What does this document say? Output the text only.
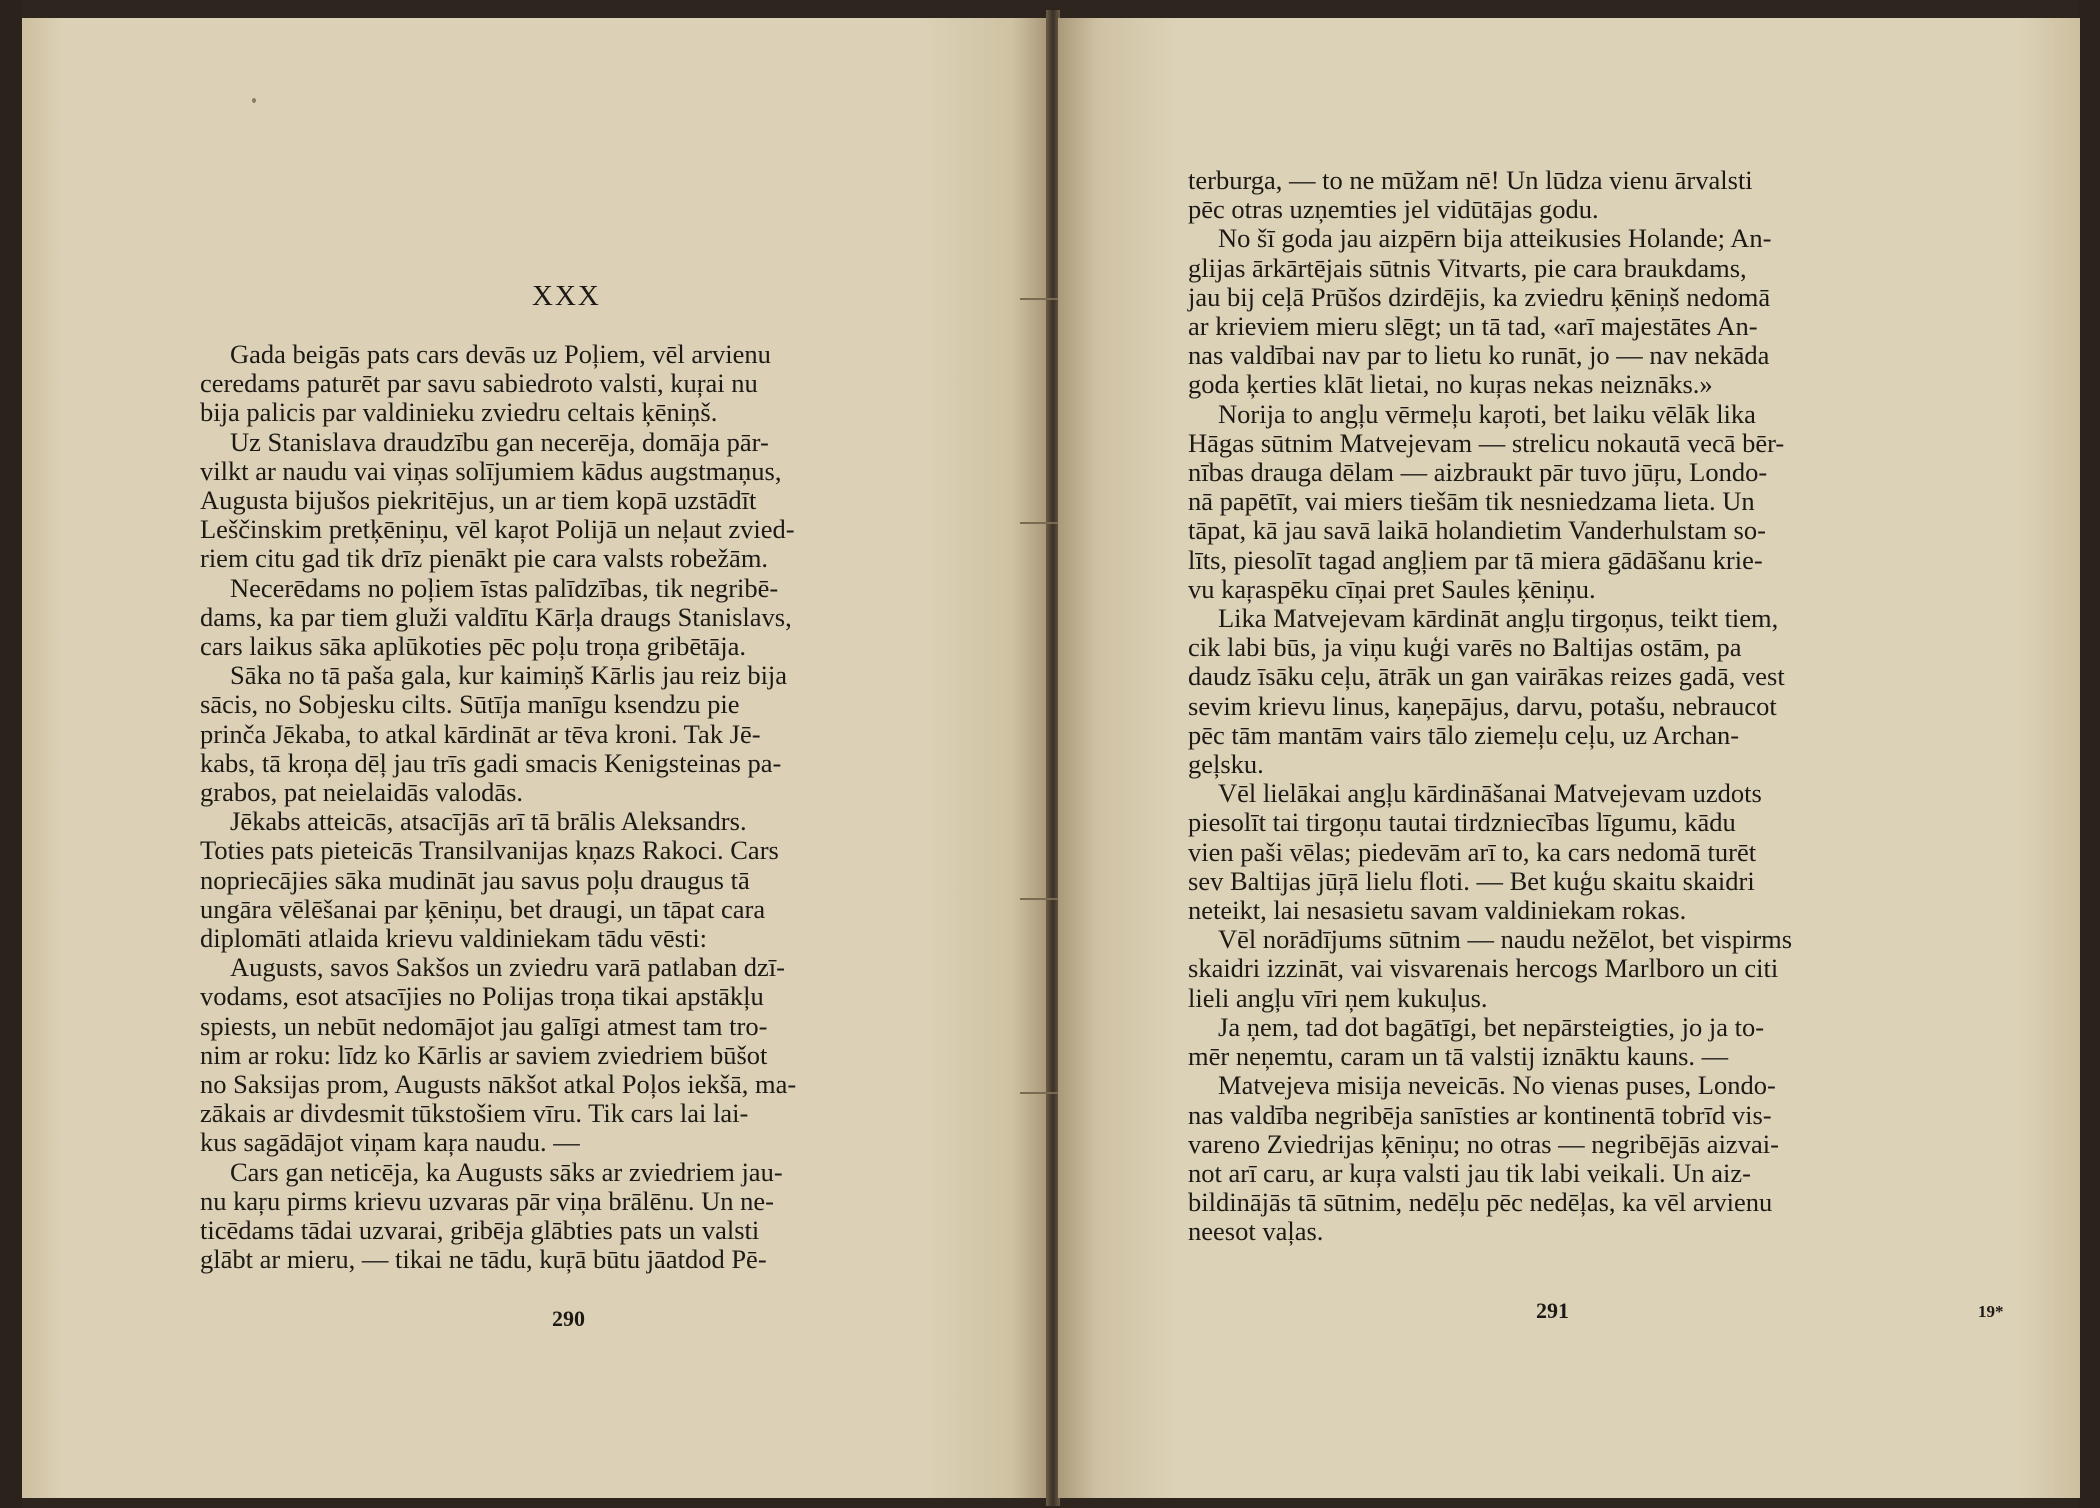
XXX

Gada beigās pats cars devās uz Poļiem, vēl arvienu
ceredams paturēt par savu sabiedroto valsti, kuŗai nu
bija palicis par valdinieku zviedru celtais ķēniņš.

Uz Stanislava draudzību gan necerēja, domāja pār-
vilkt ar naudu vai viņas solījumiem kādus augstmaņus,
Augusta bijušos piekritējus, un ar tiem kopā uzstādīt
Leščinskim pretķēniņu, vēl kaŗot Polijā un neļaut zvied-
riem citu gad tik drīz pienākt pie cara valsts robežām.

Necerēdams no poļiem īstas palīdzības, tik negribē-
dams, ka par tiem gluži valdītu Kārļa draugs Stanislavs,
cars laikus sāka aplūkoties pēc poļu troņa gribētāja.

Sāka no tā paša gala, kur kaimiņš Kārlis jau reiz bija
sācis, no Sobjesku cilts. Sūtīja manīgu ksendzu pie
prinča Jēkaba, to atkal kārdināt ar tēva kroni. Tak Jē-
kabs, tā kroņa dēļ jau trīs gadi smacis Kenigsteinas pa-
grabos, pat neielaidās valodās.

Jēkabs atteicās, atsacījās arī tā brālis Aleksandrs.
Toties pats pieteicās Transilvanijas kņazs Rakoci. Cars
nopriecājies sāka mudināt jau savus poļu draugus tā
ungāra vēlēšanai par ķēniņu, bet draugi, un tāpat cara
diplomāti atlaida krievu valdiniekam tādu vēsti:

Augusts, savos Sakšos un zviedru varā patlaban dzī-
vodams, esot atsacījies no Polijas troņa tikai apstākļu
spiests, un nebūt nedomājot jau galīgi atmest tam tro-
nim ar roku: līdz ko Kārlis ar saviem zviedriem būšot
no Saksijas prom, Augusts nākšot atkal Poļos iekšā, ma-
zākais ar divdesmit tūkstošiem vīru. Tik cars lai lai-
kus sagādājot viņam kaŗa naudu. —

Cars gan neticēja, ka Augusts sāks ar zviedriem jau-
nu kaŗu pirms krievu uzvaras pār viņa brālēnu. Un ne-
ticēdams tādai uzvarai, gribēja glābties pats un valsti
glābt ar mieru, — tikai ne tādu, kuŗā būtu jāatdod Pē-

290

terburga, — to ne mūžam nē! Un lūdza vienu ārvalsti
pēc otras uzņemties jel vidūtājas godu.

No šī goda jau aizpērn bija atteikusies Holande; An-
glijas ārkārtējais sūtnis Vitvarts, pie cara braukdams,
jau bij ceļā Prūšos dzirdējis, ka zviedru ķēniņš nedomā
ar krieviem mieru slēgt; un tā tad, «arī majestātes An-
nas valdībai nav par to lietu ko runāt, jo — nav nekāda
goda ķerties klāt lietai, no kuŗas nekas neiznāks.»

Norija to angļu vērmeļu kaŗoti, bet laiku vēlāk lika
Hāgas sūtnim Matvejevam — strelicu nokautā vecā bēr-
nības drauga dēlam — aizbraukt pār tuvo jūŗu, Londo-
nā papētīt, vai miers tiešām tik nesniedzama lieta. Un
tāpat, kā jau savā laikā holandietim Vanderhulstam so-
līts, piesolīt tagad angļiem par tā miera gādāšanu krie-
vu kaŗaspēku cīņai pret Saules ķēniņu.

Lika Matvejevam kārdināt angļu tirgoņus, teikt tiem,
cik labi būs, ja viņu kuģi varēs no Baltijas ostām, pa
daudz īsāku ceļu, ātrāk un gan vairākas reizes gadā, vest
sevim krievu linus, kaņepājus, darvu, potašu, nebraucot
pēc tām mantām vairs tālo ziemeļu ceļu, uz Archan-
geļsku.

Vēl lielākai angļu kārdināšanai Matvejevam uzdots
piesolīt tai tirgoņu tautai tirdzniecības līgumu, kādu
vien paši vēlas; piedevām arī to, ka cars nedomā turēt
sev Baltijas jūŗā lielu floti. — Bet kuģu skaitu skaidri
neteikt, lai nesasietu savam valdiniekam rokas.

Vēl norādījums sūtnim — naudu nežēlot, bet vispirms
skaidri izzināt, vai visvarenais hercogs Marlboro un citi
lieli angļu vīri ņem kukuļus.

Ja ņem, tad dot bagātīgi, bet nepārsteigties, jo ja to-
mēr neņemtu, caram un tā valstij iznāktu kauns. —

Matvejeva misija neveicās. No vienas puses, Londo-
nas valdība negribēja sanīsties ar kontinentā tobrīd vis-
vareno Zviedrijas ķēniņu; no otras — negribējās aizvai-
not arī caru, ar kuŗa valsti jau tik labi veikali. Un aiz-
bildinājās tā sūtnim, nedēļu pēc nedēļas, ka vēl arvienu
neesot vaļas.

291	19*
